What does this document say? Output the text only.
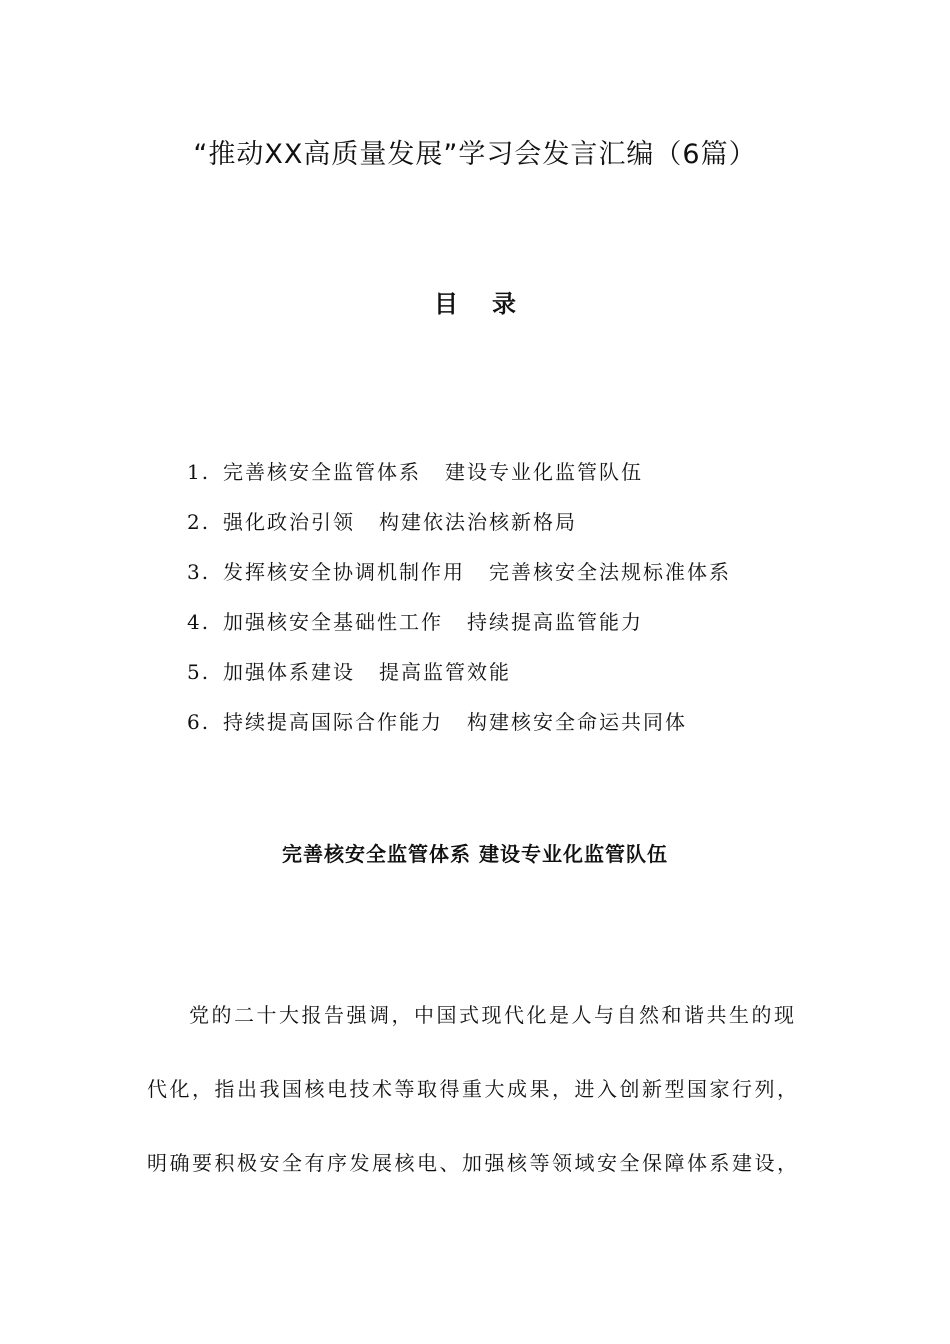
“推动XX高质量发展”学习会发言汇编（6篇）
目录
1. 完善核安全监管体系 建设专业化监管队伍
2. 强化政治引领 构建依法治核新格局
3. 发挥核安全协调机制作用 完善核安全法规标准体系
4. 加强核安全基础性工作 持续提高监管能力
5. 加强体系建设 提高监管效能
6. 持续提高国际合作能力 构建核安全命运共同体
完善核安全监管体系 建设专业化监管队伍

党的二十大报告强调，中国式现代化是人与自然和谐共生的现
代化，指出我国核电技术等取得重大成果，进入创新型国家行列，
明确要积极安全有序发展核电、加强核等领域安全保障体系建设，
